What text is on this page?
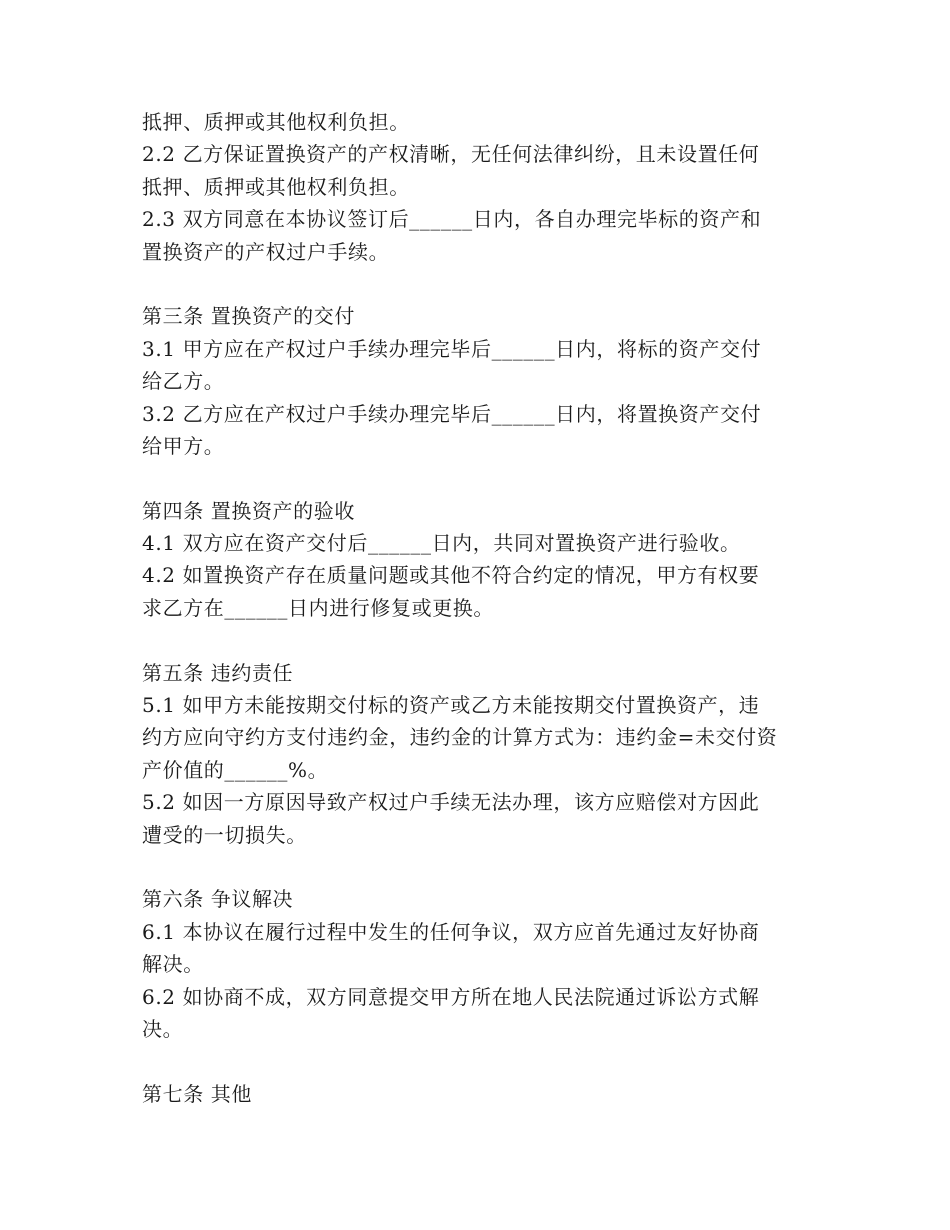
抵押、质押或其他权利负担。
2.2 乙方保证置换资产的产权清晰，无任何法律纠纷，且未设置任何
抵押、质押或其他权利负担。
2.3 双方同意在本协议签订后______日内，各自办理完毕标的资产和
置换资产的产权过户手续。
第三条 置换资产的交付
3.1 甲方应在产权过户手续办理完毕后______日内，将标的资产交付
给乙方。
3.2 乙方应在产权过户手续办理完毕后______日内，将置换资产交付
给甲方。
第四条 置换资产的验收
4.1 双方应在资产交付后______日内，共同对置换资产进行验收。
4.2 如置换资产存在质量问题或其他不符合约定的情况，甲方有权要
求乙方在______日内进行修复或更换。
第五条 违约责任
5.1 如甲方未能按期交付标的资产或乙方未能按期交付置换资产，违
约方应向守约方支付违约金，违约金的计算方式为：违约金=未交付资
产价值的______%。
5.2 如因一方原因导致产权过户手续无法办理，该方应赔偿对方因此
遭受的一切损失。
第六条 争议解决
6.1 本协议在履行过程中发生的任何争议，双方应首先通过友好协商
解决。
6.2 如协商不成，双方同意提交甲方所在地人民法院通过诉讼方式解
决。
第七条 其他
